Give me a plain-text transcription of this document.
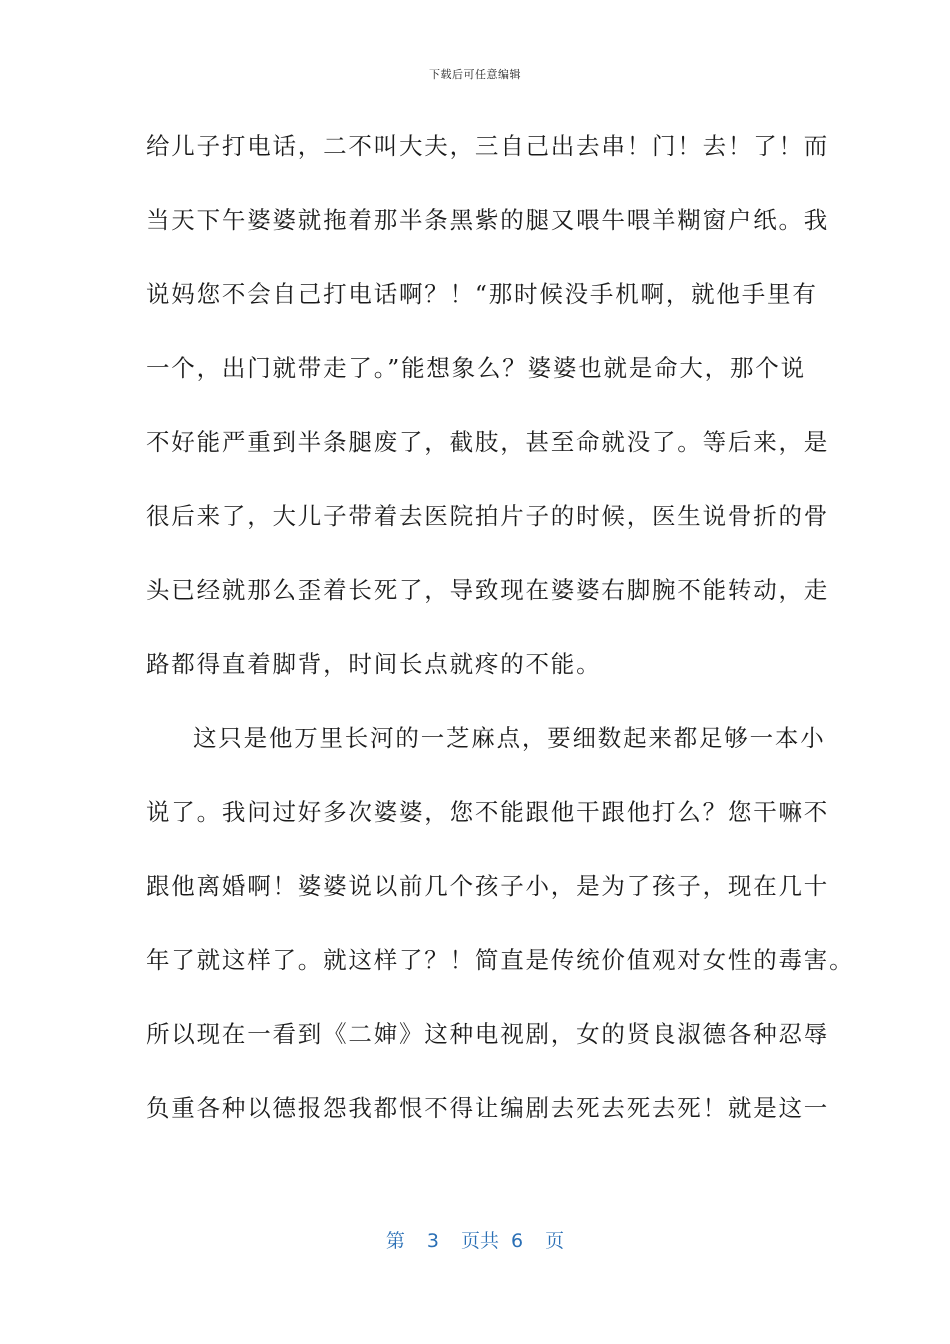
下载后可任意编辑
给儿子打电话，二不叫大夫，三自己出去串！门！去！了！而
当天下午婆婆就拖着那半条黑紫的腿又喂牛喂羊糊窗户纸。我
说妈您不会自己打电话啊？！“那时候没手机啊，就他手里有
一个，出门就带走了。”能想象么？婆婆也就是命大，那个说
不好能严重到半条腿废了，截肢，甚至命就没了。等后来，是
很后来了，大儿子带着去医院拍片子的时候，医生说骨折的骨
头已经就那么歪着长死了，导致现在婆婆右脚腕不能转动，走
路都得直着脚背，时间长点就疼的不能。
这只是他万里长河的一芝麻点，要细数起来都足够一本小
说了。我问过好多次婆婆，您不能跟他干跟他打么？您干嘛不
跟他离婚啊！婆婆说以前几个孩子小，是为了孩子，现在几十
年了就这样了。就这样了？！简直是传统价值观对女性的毒害。
所以现在一看到《二婶》这种电视剧，女的贤良淑德各种忍辱
负重各种以德报怨我都恨不得让编剧去死去死去死！就是这一
第 3 页共 6 页
